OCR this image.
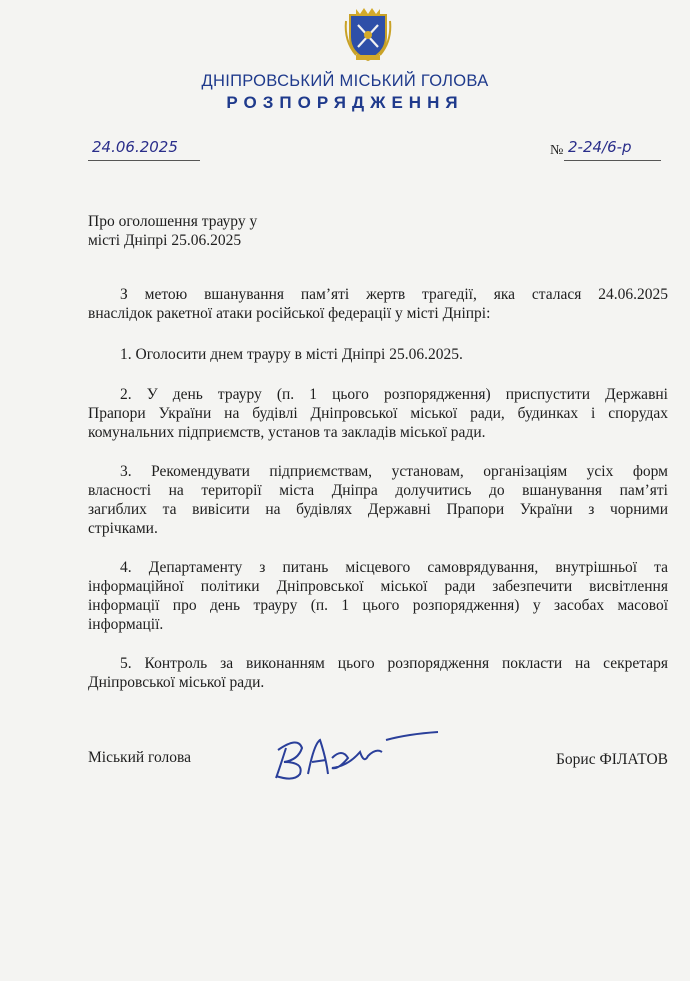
ДНІПРОВСЬКИЙ МІСЬКИЙ ГОЛОВА
РОЗПОРЯДЖЕННЯ
24.06.2025	№ 2-24/6-р
Про оголошення трауру у
місті Дніпрі 25.06.2025
З метою вшанування пам’яті жертв трагедії, яка сталася 24.06.2025
внаслідок ракетної атаки російської федерації у місті Дніпрі:
1. Оголосити днем трауру в місті Дніпрі 25.06.2025.
2. У день трауру (п. 1 цього розпорядження) приспустити Державні
Прапори України на будівлі Дніпровської міської ради, будинках і спорудах
комунальних підприємств, установ та закладів міської ради.
3. Рекомендувати підприємствам, установам, організаціям усіх форм
власності на території міста Дніпра долучитись до вшанування пам’яті
загиблих та вивісити на будівлях Державні Прапори України з чорними
стрічками.
4. Департаменту з питань місцевого самоврядування, внутрішньої та
інформаційної політики Дніпровської міської ради забезпечити висвітлення
інформації про день трауру (п. 1 цього розпорядження) у засобах масової
інформації.
5. Контроль за виконанням цього розпорядження покласти на секретаря
Дніпровської міської ради.
Міський голова	Борис ФІЛАТОВ
